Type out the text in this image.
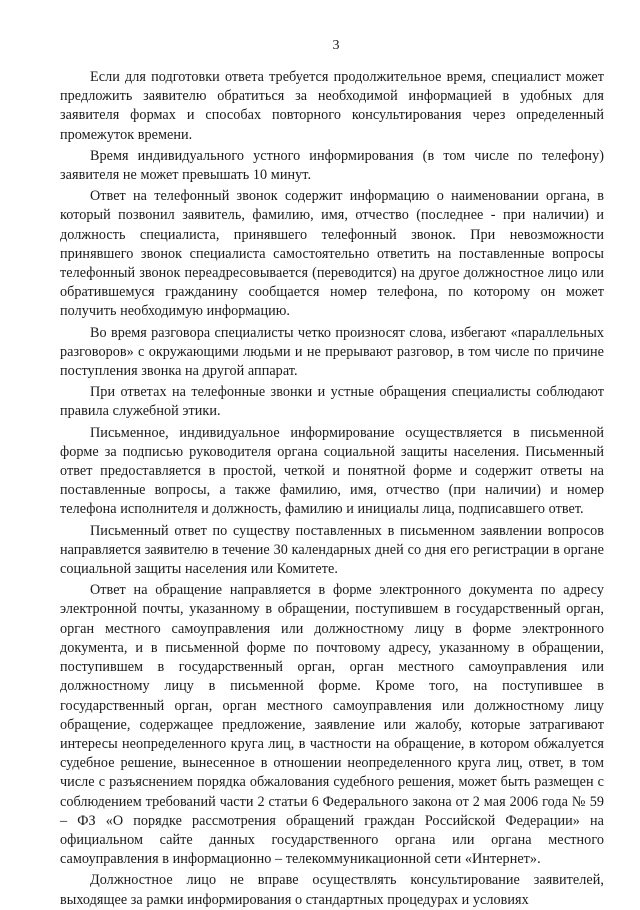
3

Если для подготовки ответа требуется продолжительное время, специалист может предложить заявителю обратиться за необходимой информацией в удобных для заявителя формах и способах повторного консультирования через определенный промежуток времени.

Время индивидуального устного информирования (в том числе по телефону) заявителя не может превышать 10 минут.

Ответ на телефонный звонок содержит информацию о наименовании органа, в который позвонил заявитель, фамилию, имя, отчество (последнее - при наличии) и должность специалиста, принявшего телефонный звонок. При невозможности принявшего звонок специалиста самостоятельно ответить на поставленные вопросы телефонный звонок переадресовывается (переводится) на другое должностное лицо или обратившемуся гражданину сообщается номер телефона, по которому он может получить необходимую информацию.

Во время разговора специалисты четко произносят слова, избегают «параллельных разговоров» с окружающими людьми и не прерывают разговор, в том числе по причине поступления звонка на другой аппарат.

При ответах на телефонные звонки и устные обращения специалисты соблюдают правила служебной этики.

Письменное, индивидуальное информирование осуществляется в письменной форме за подписью руководителя органа социальной защиты населения. Письменный ответ предоставляется в простой, четкой и понятной форме и содержит ответы на поставленные вопросы, а также фамилию, имя, отчество (при наличии) и номер телефона исполнителя и должность, фамилию и инициалы лица, подписавшего ответ.

Письменный ответ по существу поставленных в письменном заявлении вопросов направляется заявителю в течение 30 календарных дней со дня его регистрации в органе социальной защиты населения или Комитете.

Ответ на обращение направляется в форме электронного документа по адресу электронной почты, указанному в обращении, поступившем в государственный орган, орган местного самоуправления или должностному лицу в форме электронного документа, и в письменной форме по почтовому адресу, указанному в обращении, поступившем в государственный орган, орган местного самоуправления или должностному лицу в письменной форме. Кроме того, на поступившее в государственный орган, орган местного самоуправления или должностному лицу обращение, содержащее предложение, заявление или жалобу, которые затрагивают интересы неопределенного круга лиц, в частности на обращение, в котором обжалуется судебное решение, вынесенное в отношении неопределенного круга лиц, ответ, в том числе с разъяснением порядка обжалования судебного решения, может быть размещен с соблюдением требований части 2 статьи 6 Федерального закона от 2 мая 2006 года № 59 – ФЗ «О порядке рассмотрения обращений граждан Российской Федерации» на официальном сайте данных государственного органа или органа местного самоуправления в информационно – телекоммуникационной сети «Интернет».

Должностное лицо не вправе осуществлять консультирование заявителей, выходящее за рамки информирования о стандартных процедурах и условиях
